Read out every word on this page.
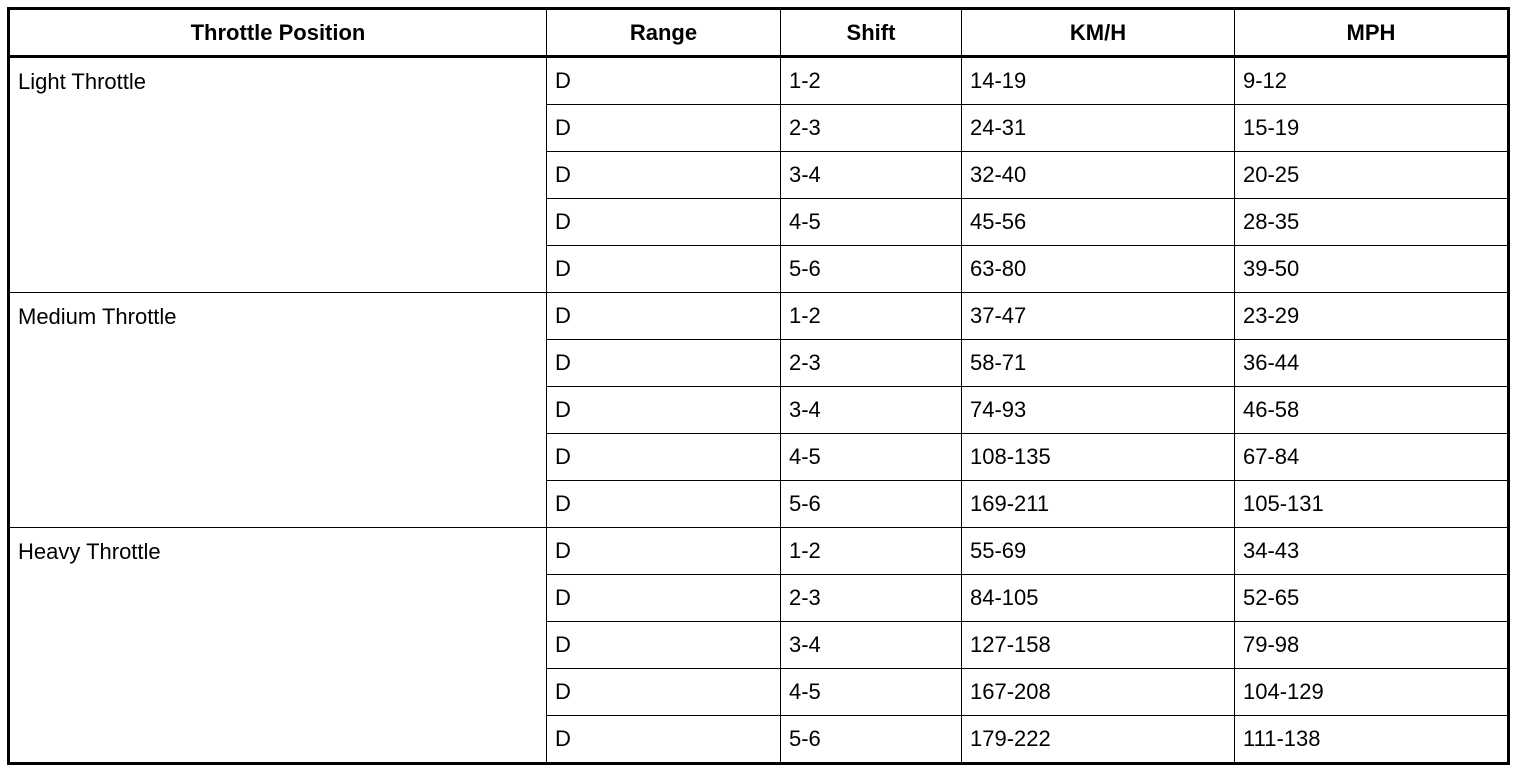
Throttle Position	Range	Shift	KM/H	MPH
Light Throttle	D	1-2	14-19	9-12
	D	2-3	24-31	15-19
	D	3-4	32-40	20-25
	D	4-5	45-56	28-35
	D	5-6	63-80	39-50
Medium Throttle	D	1-2	37-47	23-29
	D	2-3	58-71	36-44
	D	3-4	74-93	46-58
	D	4-5	108-135	67-84
	D	5-6	169-211	105-131
Heavy Throttle	D	1-2	55-69	34-43
	D	2-3	84-105	52-65
	D	3-4	127-158	79-98
	D	4-5	167-208	104-129
	D	5-6	179-222	111-138
